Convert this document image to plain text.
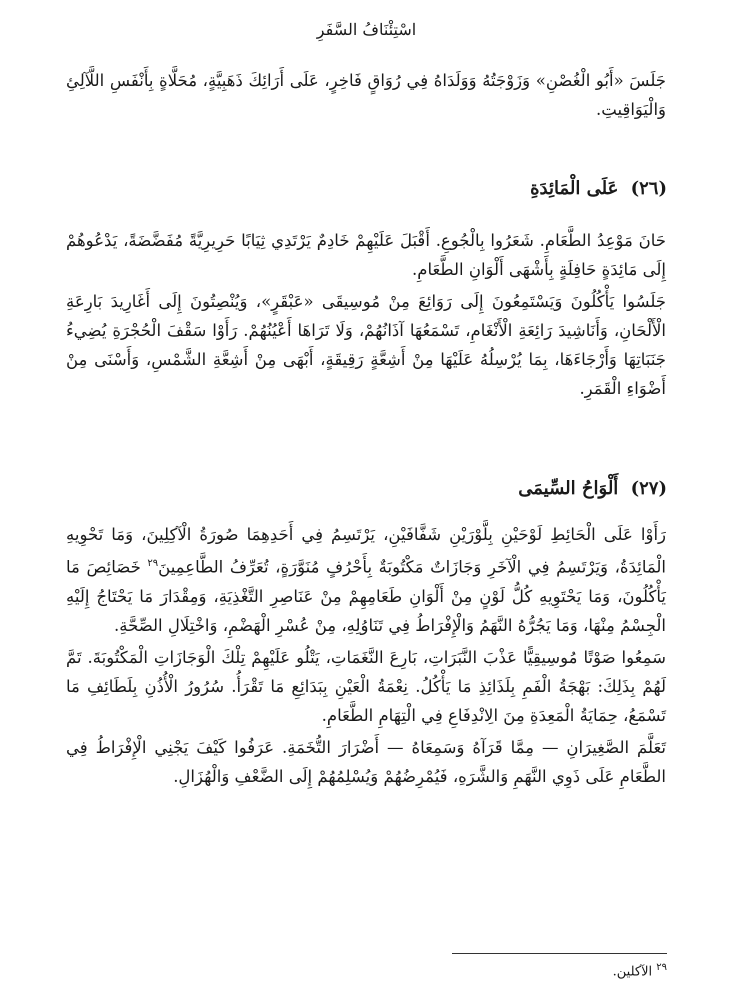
اسْتِئْنَافُ السَّفَرِ

جَلَسَ «أَبُو الْغُصْنِ» وَزَوْجَتُهُ وَوَلَدَاهُ فِي رُوَاقٍ فَاخِرٍ، عَلَى أَرَائِكَ ذَهَبِيَّةٍ، مُحَلَّاةٍ بِأَنْفَسِ اللَّآلِئِ وَالْيَوَاقِيتِ.

(٢٦) عَلَى الْمَائِدَةِ

حَانَ مَوْعِدُ الطَّعَامِ. شَعَرُوا بِالْجُوعِ. أَقْبَلَ عَلَيْهِمْ خَادِمٌ يَرْتَدِي ثِيَابًا حَرِيرِيَّةً مُفَضَّضَةً، يَدْعُوهُمْ إِلَى مَائِدَةٍ حَافِلَةٍ بِأَشْهَى أَلْوَانِ الطَّعَامِ.

جَلَسُوا يَأْكُلُونَ وَيَسْتَمِعُونَ إِلَى رَوَائِعَ مِنْ مُوسِيقَى «عَبْقَرٍ»، وَيُنْصِتُونَ إِلَى أَغَارِيدَ بَارِعَةِ الْأَلْحَانِ، وَأَنَاشِيدَ رَائِعَةِ الْأَنْغَامِ، تَسْمَعُهَا آذَانُهُمْ، وَلَا تَرَاهَا أَعْيُنُهُمْ. رَأَوْا سَقْفَ الْحُجْرَةِ يُضِيءُ جَنَبَاتِهَا وَأَرْجَاءَهَا، بِمَا يُرْسِلُهُ عَلَيْهَا مِنْ أَشِعَّةٍ رَقِيقَةٍ، أَبْهَى مِنْ أَشِعَّةِ الشَّمْسِ، وَأَسْنَى مِنْ أَضْوَاءِ الْقَمَرِ.

(٢٧) أَلْوَاحُ السِّيمَى

رَأَوْا عَلَى الْحَائِطِ لَوْحَيْنِ بِلَّوْرَيْنِ شَفَّافَيْنِ، يَرْتَسِمُ فِي أَحَدِهِمَا صُورَةُ الْآكِلِينَ، وَمَا تَحْوِيهِ الْمَائِدَةُ، وَيَرْتَسِمُ فِي الْآخَرِ وَجَازَاتٌ مَكْتُوبَةٌ بِأَحْرُفٍ مُنَوَّرَةٍ، تُعَرِّفُ الطَّاعِمِينَ$^{٢٩}$ خَصَائِصَ مَا يَأْكُلُونَ، وَمَا يَحْتَوِيهِ كُلُّ لَوْنٍ مِنْ أَلْوَانِ طَعَامِهِمْ مِنْ عَنَاصِرِ التَّغْذِيَةِ، وَمِقْدَارَ مَا يَحْتَاجُ إِلَيْهِ الْجِسْمُ مِنْهَا، وَمَا يَجُرُّهُ النَّهَمُ وَالْإِفْرَاطُ فِي تَنَاوُلِهِ، مِنْ عُسْرِ الْهَضْمِ، وَاخْتِلَالِ الصِّحَّةِ.

سَمِعُوا صَوْتًا مُوسِيقِيًّا عَذْبَ النَّبَرَاتِ، بَارِعَ النَّغَمَاتِ، يَتْلُو عَلَيْهِمْ تِلْكَ الْوَجَازَاتِ الْمَكْتُوبَةَ. تَمَّ لَهُمْ بِذَلِكَ: بَهْجَةُ الْفَمِ بِلَذَائِذِ مَا يَأْكُلُ. نِعْمَةُ الْعَيْنِ بِبَدَائِعِ مَا تَقْرَأُ. سُرُورُ الْأُذُنِ بِلَطَائِفِ مَا تَسْمَعُ، حِمَايَةُ الْمَعِدَةِ مِنَ الِانْدِفَاعِ فِي الْتِهَامِ الطَّعَامِ.

تَعَلَّمَ الصَّغِيرَانِ — مِمَّا قَرَآهُ وَسَمِعَاهُ — أَضْرَارَ التُّخَمَةِ. عَرَفُوا كَيْفَ يَجْنِي الْإِفْرَاطُ فِي الطَّعَامِ عَلَى ذَوِي النَّهَمِ وَالشَّرَهِ، فَيُمْرِضُهُمْ وَيُسْلِمُهُمْ إِلَى الضَّعْفِ وَالْهُزَالِ.

$^{٢٩}$ الآكلين.
